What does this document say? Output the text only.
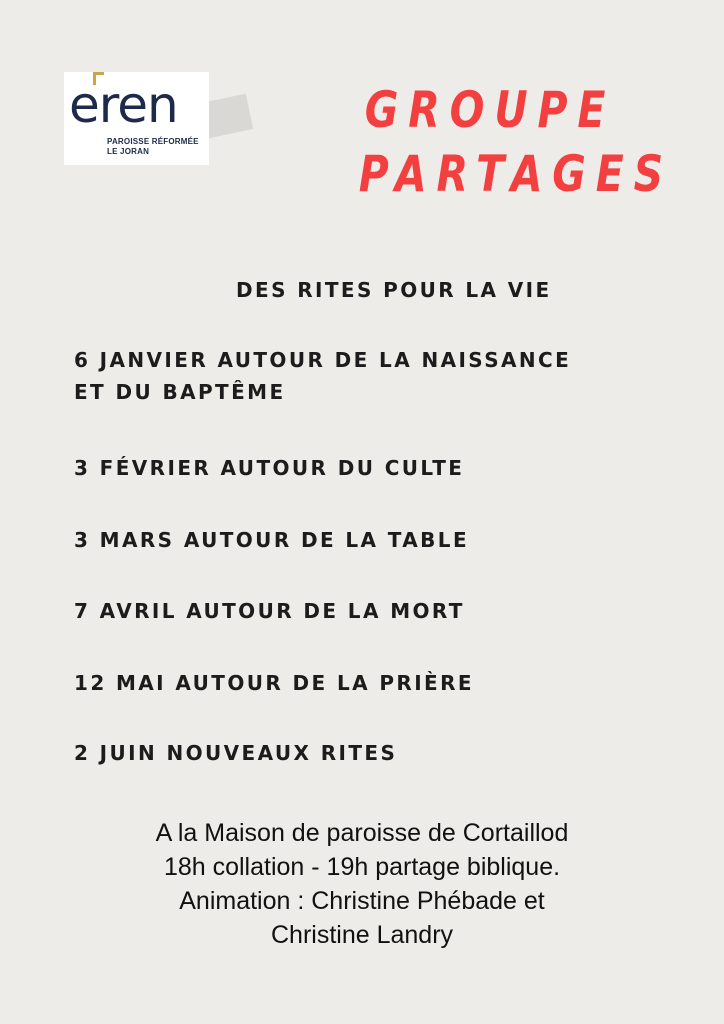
eren
PAROISSE RÉFORMÉE
LE JORAN
GROUPE
PARTAGES
DES RITES POUR LA VIE
6 JANVIER AUTOUR DE LA NAISSANCE
ET DU BAPTÊME
3 FÉVRIER AUTOUR DU CULTE
3 MARS AUTOUR DE LA TABLE
7 AVRIL AUTOUR DE LA MORT
12 MAI AUTOUR DE LA PRIÈRE
2 JUIN NOUVEAUX RITES
A la Maison de paroisse de Cortaillod
18h collation - 19h partage biblique.
Animation : Christine Phébade et
Christine Landry
